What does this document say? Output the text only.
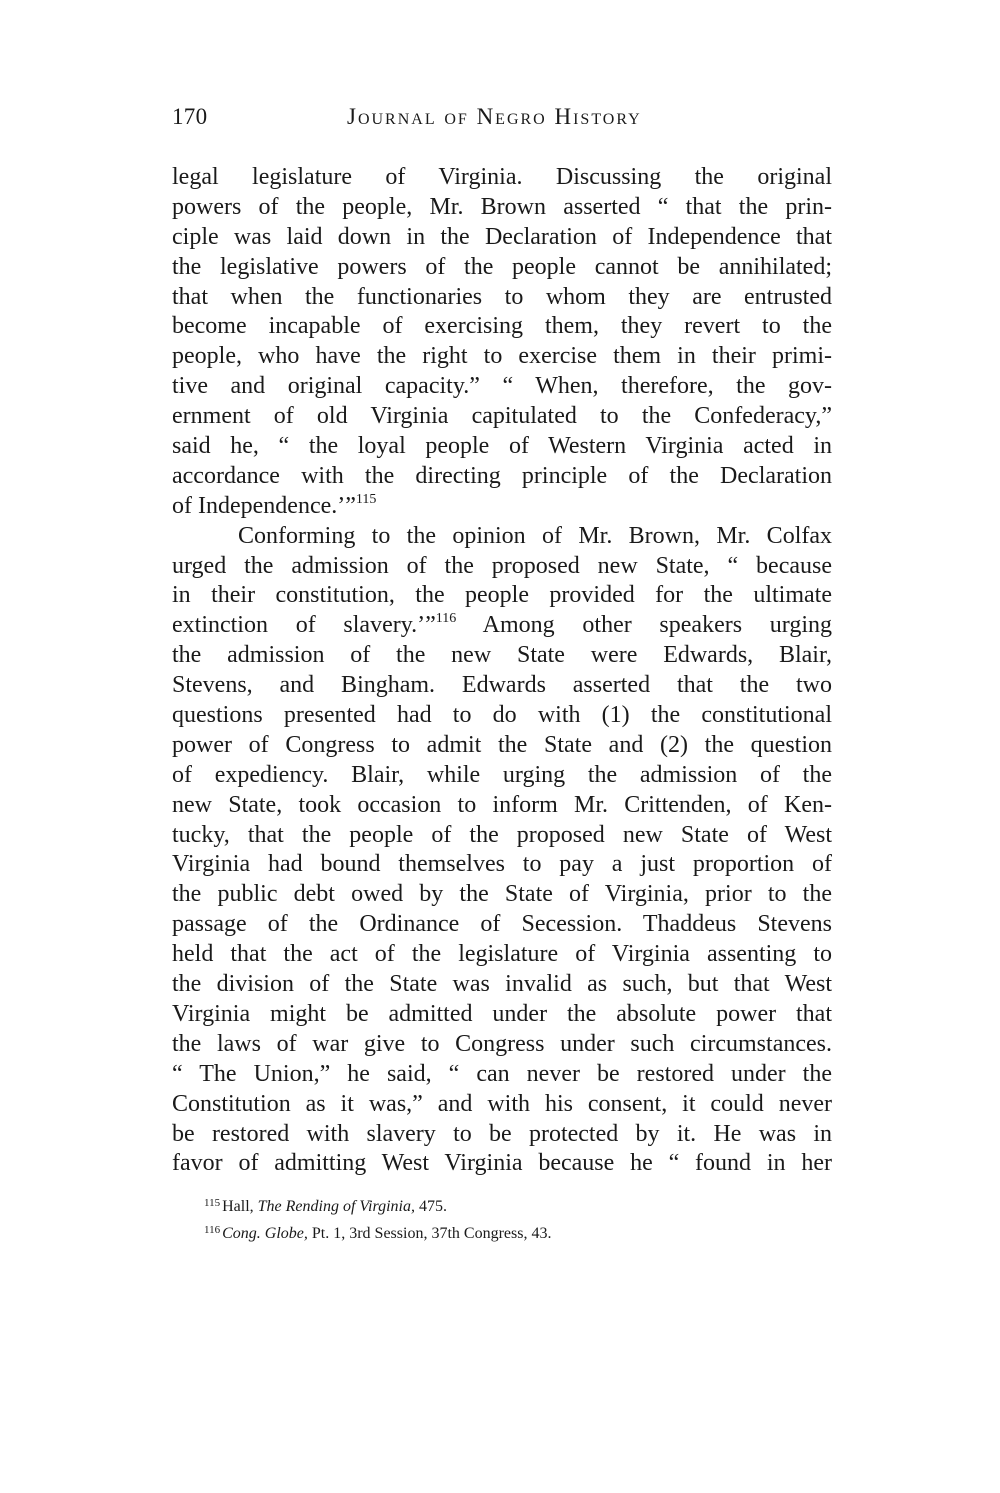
170	Journal of Negro History
legal legislature of Virginia. Discussing the original
powers of the people, Mr. Brown asserted “ that the prin-
ciple was laid down in the Declaration of Independence that
the legislative powers of the people cannot be annihilated;
that when the functionaries to whom they are entrusted
become incapable of exercising them, they revert to the
people, who have the right to exercise them in their primi-
tive and original capacity.” “ When, therefore, the gov-
ernment of old Virginia capitulated to the Confederacy,”
said he, “ the loyal people of Western Virginia acted in
accordance with the directing principle of the Declaration
of Independence.’”$^{115}$
Conforming to the opinion of Mr. Brown, Mr. Colfax
urged the admission of the proposed new State, “ because
in their constitution, the people provided for the ultimate
extinction of slavery.’”$^{116}$ Among other speakers urging
the admission of the new State were Edwards, Blair,
Stevens, and Bingham. Edwards asserted that the two
questions presented had to do with (1) the constitutional
power of Congress to admit the State and (2) the question
of expediency. Blair, while urging the admission of the
new State, took occasion to inform Mr. Crittenden, of Ken-
tucky, that the people of the proposed new State of West
Virginia had bound themselves to pay a just proportion of
the public debt owed by the State of Virginia, prior to the
passage of the Ordinance of Secession. Thaddeus Stevens
held that the act of the legislature of Virginia assenting to
the division of the State was invalid as such, but that West
Virginia might be admitted under the absolute power that
the laws of war give to Congress under such circumstances.
“ The Union,” he said, “ can never be restored under the
Constitution as it was,” and with his consent, it could never
be restored with slavery to be protected by it. He was in
favor of admitting West Virginia because he “ found in her
$^{115}$ Hall, The Rending of Virginia, 475.
$^{116}$ Cong. Globe, Pt. 1, 3rd Session, 37th Congress, 43.
